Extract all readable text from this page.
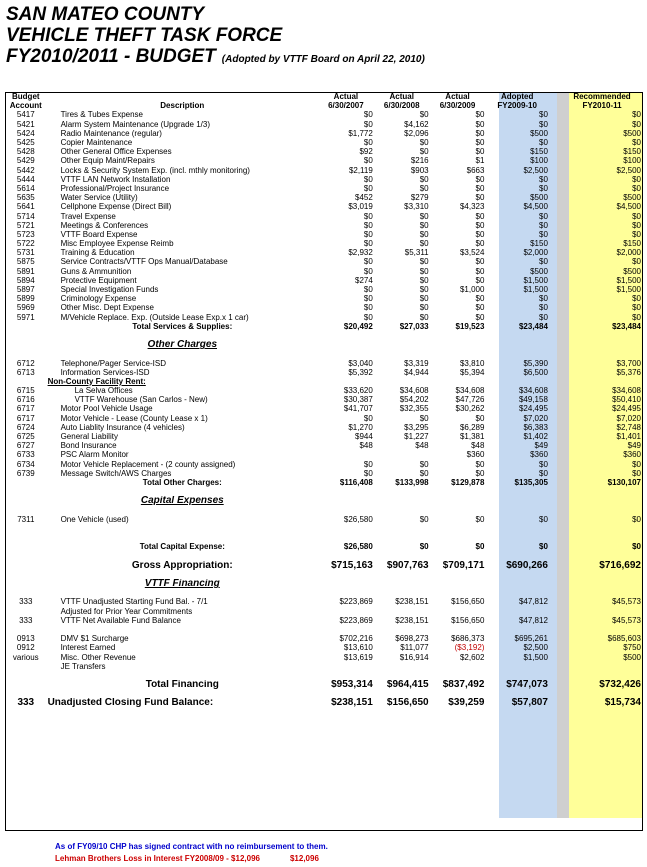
SAN MATEO COUNTY
VEHICLE THEFT TASK FORCE
FY2010/2011 - BUDGET (Adopted by VTTF Board on April 22, 2010)
Budget		Actual	Actual	Actual	Adopted		Recommended
Account	Description	6/30/2007	6/30/2008	6/30/2009	FY2009-10		FY2010-11
5417	Tires & Tubes Expense	$0	$0	$0	$0		$0
5421	Alarm System Maintenance (Upgrade 1/3)	$0	$4,162	$0	$0		$0
5424	Radio Maintenance (regular)	$1,772	$2,096	$0	$500		$500
5425	Copier Maintenance	$0	$0	$0	$0		$0
5428	Other General Office Expenses	$92	$0	$0	$150		$150
5429	Other Equip Maint/Repairs	$0	$216	$1	$100		$100
5442	Locks & Security System Exp. (incl. mthly monitoring)	$2,119	$903	$663	$2,500		$2,500
5444	VTTF LAN Network Installation	$0	$0	$0	$0		$0
5614	Professional/Project Insurance	$0	$0	$0	$0		$0
5635	Water Service (Utility)	$452	$279	$0	$500		$500
5641	Cellphone Expense (Direct Bill)	$3,019	$3,310	$4,323	$4,500		$4,500
5714	Travel Expense	$0	$0	$0	$0		$0
5721	Meetings & Conferences	$0	$0	$0	$0		$0
5723	VTTF Board Expense	$0	$0	$0	$0		$0
5722	Misc Employee Expense Reimb	$0	$0	$0	$150		$150
5731	Training & Education	$2,932	$5,311	$3,524	$2,000		$2,000
5875	Service Contracts/VTTF Ops Manual/Database	$0	$0	$0	$0		$0
5891	Guns & Ammunition	$0	$0	$0	$500		$500
5894	Protective Equipment	$274	$0	$0	$1,500		$1,500
5897	Special Investigation Funds	$0	$0	$1,000	$1,500		$1,500
5899	Criminology Expense	$0	$0	$0	$0		$0
5969	Other Misc. Dept Expense	$0	$0	$0	$0		$0
5971	M/Vehicle Replace. Exp. (Outside Lease Exp.x 1 car)	$0	$0	$0	$0		$0
	Total Services & Supplies:	$20,492	$27,033	$19,523	$23,484		$23,484

	Other Charges						

6712	Telephone/Pager Service-ISD	$3,040	$3,319	$3,810	$5,390		$3,700
6713	Information Services-ISD	$5,392	$4,944	$5,394	$6,500		$5,376
	Non-County Facility Rent:						
6715	La Selva Offices	$33,620	$34,608	$34,608	$34,608		$34,608
6716	VTTF Warehouse (San Carlos - New)	$30,387	$54,202	$47,726	$49,158		$50,410
6717	Motor Pool Vehicle Usage	$41,707	$32,355	$30,262	$24,495		$24,495
6717	Motor Vehicle - Lease (County Lease x 1)	$0	$0	$0	$7,020		$7,020
6724	Auto Liablity Insurance (4 vehicles)	$1,270	$3,295	$6,289	$6,383		$2,748
6725	General Liability	$944	$1,227	$1,381	$1,402		$1,401
6727	Bond Insurance	$48	$48	$48	$49		$49
6733	PSC Alarm Monitor			$360	$360		$360
6734	Motor Vehicle Replacement - (2 county assigned)	$0	$0	$0	$0		$0
6739	Message Switch/AWS Charges	$0	$0	$0	$0		$0
	Total Other Charges:	$116,408	$133,998	$129,878	$135,305		$130,107

	Capital Expenses						

7311	One Vehicle (used)	$26,580	$0	$0	$0		$0

	Total Capital Expense:	$26,580	$0	$0	$0		$0

	Gross Appropriation:	$715,163	$907,763	$709,171	$690,266		$716,692

	VTTF Financing						

333	VTTF Unadjusted Starting Fund Bal. - 7/1	$223,869	$238,151	$156,650	$47,812		$45,573
	Adjusted for Prior Year Commitments						
333	VTTF Net Available Fund Balance	$223,869	$238,151	$156,650	$47,812		$45,573

0913	DMV $1 Surcharge	$702,216	$698,273	$686,373	$695,261		$685,603
0912	Interest Earned	$13,610	$11,077	($3,192)	$2,500		$750
various	Misc. Other Revenue	$13,619	$16,914	$2,602	$1,500		$500
	JE Transfers						

	Total Financing	$953,314	$964,415	$837,492	$747,073		$732,426

333	Unadjusted Closing Fund Balance:	$238,151	$156,650	$39,259	$57,807		$15,734
As of FY09/10 CHP has signed contract with no reimbursement to them.
Lehman Brothers Loss in Interest FY2008/09 - $12,096	$12,096
